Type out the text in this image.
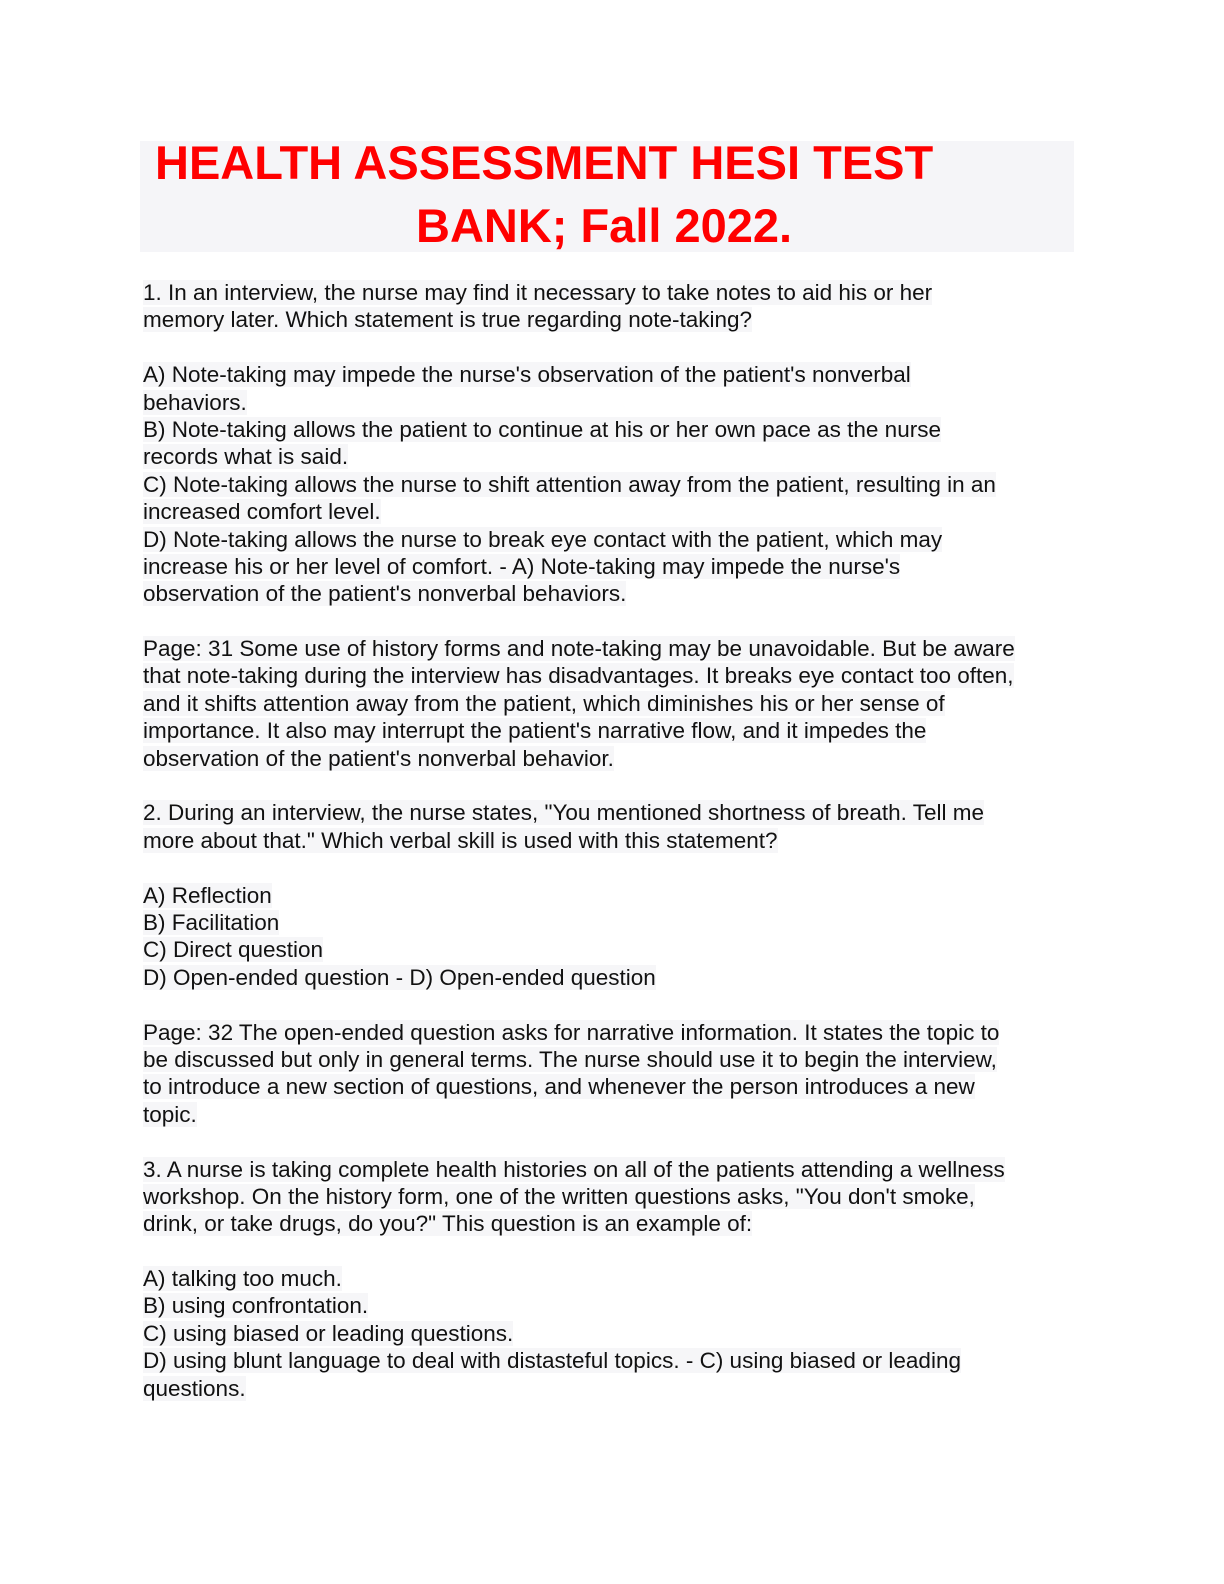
HEALTH ASSESSMENT HESI TEST
BANK; Fall 2022.
1. In an interview, the nurse may find it necessary to take notes to aid his or her
memory later. Which statement is true regarding note-taking?
A) Note-taking may impede the nurse's observation of the patient's nonverbal
behaviors.
B) Note-taking allows the patient to continue at his or her own pace as the nurse
records what is said.
C) Note-taking allows the nurse to shift attention away from the patient, resulting in an
increased comfort level.
D) Note-taking allows the nurse to break eye contact with the patient, which may
increase his or her level of comfort. - A) Note-taking may impede the nurse's
observation of the patient's nonverbal behaviors.
Page: 31 Some use of history forms and note-taking may be unavoidable. But be aware
that note-taking during the interview has disadvantages. It breaks eye contact too often,
and it shifts attention away from the patient, which diminishes his or her sense of
importance. It also may interrupt the patient's narrative flow, and it impedes the
observation of the patient's nonverbal behavior.
2. During an interview, the nurse states, "You mentioned shortness of breath. Tell me
more about that." Which verbal skill is used with this statement?
A) Reflection
B) Facilitation
C) Direct question
D) Open-ended question - D) Open-ended question
Page: 32 The open-ended question asks for narrative information. It states the topic to
be discussed but only in general terms. The nurse should use it to begin the interview,
to introduce a new section of questions, and whenever the person introduces a new
topic.
3. A nurse is taking complete health histories on all of the patients attending a wellness
workshop. On the history form, one of the written questions asks, "You don't smoke,
drink, or take drugs, do you?" This question is an example of:
A) talking too much.
B) using confrontation.
C) using biased or leading questions.
D) using blunt language to deal with distasteful topics. - C) using biased or leading
questions.
